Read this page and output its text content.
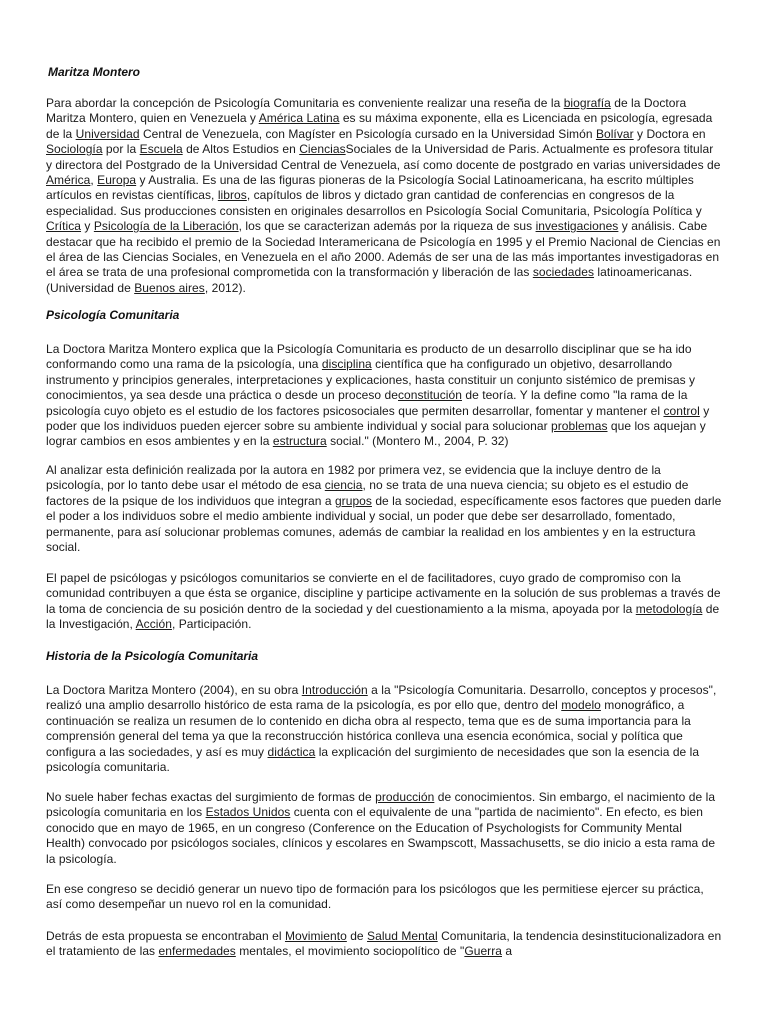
Maritza Montero

Para abordar la concepción de Psicología Comunitaria es conveniente realizar una reseña de la biografía de la Doctora Maritza Montero, quien en Venezuela y América Latina es su máxima exponente, ella es Licenciada en psicología, egresada de la Universidad Central de Venezuela, con Magíster en Psicología cursado en la Universidad Simón Bolívar y Doctora en Sociología por la Escuela de Altos Estudios en CienciasSociales de la Universidad de Paris. Actualmente es profesora titular y directora del Postgrado de la Universidad Central de Venezuela, así como docente de postgrado en varias universidades de América, Europa y Australia. Es una de las figuras pioneras de la Psicología Social Latinoamericana, ha escrito múltiples artículos en revistas científicas, libros, capítulos de libros y dictado gran cantidad de conferencias en congresos de la especialidad. Sus producciones consisten en originales desarrollos en Psicología Social Comunitaria, Psicología Política y Crítica y Psicología de la Liberación, los que se caracterizan además por la riqueza de sus investigaciones y análisis. Cabe destacar que ha recibido el premio de la Sociedad Interamericana de Psicología en 1995 y el Premio Nacional de Ciencias en el área de las Ciencias Sociales, en Venezuela en el año 2000. Además de ser una de las más importantes investigadoras en el área se trata de una profesional comprometida con la transformación y liberación de las sociedades latinoamericanas. (Universidad de Buenos aires, 2012).

Psicología Comunitaria

La Doctora Maritza Montero explica que la Psicología Comunitaria es producto de un desarrollo disciplinar que se ha ido conformando como una rama de la psicología, una disciplina científica que ha configurado un objetivo, desarrollando instrumento y principios generales, interpretaciones y explicaciones, hasta constituir un conjunto sistémico de premisas y conocimientos, ya sea desde una práctica o desde un proceso deconstitución de teoría. Y la define como "la rama de la psicología cuyo objeto es el estudio de los factores psicosociales que permiten desarrollar, fomentar y mantener el control y poder que los individuos pueden ejercer sobre su ambiente individual y social para solucionar problemas que los aquejan y lograr cambios en esos ambientes y en la estructura social." (Montero M., 2004, P. 32)

Al analizar esta definición realizada por la autora en 1982 por primera vez, se evidencia que la incluye dentro de la psicología, por lo tanto debe usar el método de esa ciencia, no se trata de una nueva ciencia; su objeto es el estudio de factores de la psique de los individuos que integran a grupos de la sociedad, específicamente esos factores que pueden darle el poder a los individuos sobre el medio ambiente individual y social, un poder que debe ser desarrollado, fomentado, permanente, para así solucionar problemas comunes, además de cambiar la realidad en los ambientes y en la estructura social.

El papel de psicólogas y psicólogos comunitarios se convierte en el de facilitadores, cuyo grado de compromiso con la comunidad contribuyen a que ésta se organice, discipline y participe activamente en la solución de sus problemas a través de la toma de conciencia de su posición dentro de la sociedad y del cuestionamiento a la misma, apoyada por la metodología de la Investigación, Acción, Participación.

Historia de la Psicología Comunitaria

La Doctora Maritza Montero (2004), en su obra Introducción a la "Psicología Comunitaria. Desarrollo, conceptos y procesos", realizó una amplio desarrollo histórico de esta rama de la psicología, es por ello que, dentro del modelo monográfico, a continuación se realiza un resumen de lo contenido en dicha obra al respecto, tema que es de suma importancia para la comprensión general del tema ya que la reconstrucción histórica conlleva una esencia económica, social y política que configura a las sociedades, y así es muy didáctica la explicación del surgimiento de necesidades que son la esencia de la psicología comunitaria.

No suele haber fechas exactas del surgimiento de formas de producción de conocimientos. Sin embargo, el nacimiento de la psicología comunitaria en los Estados Unidos cuenta con el equivalente de una "partida de nacimiento". En efecto, es bien conocido que en mayo de 1965, en un congreso (Conference on the Education of Psychologists for Community Mental Health) convocado por psicólogos sociales, clínicos y escolares en Swampscott, Massachusetts, se dio inicio a esta rama de la psicología.

En ese congreso se decidió generar un nuevo tipo de formación para los psicólogos que les permitiese ejercer su práctica, así como desempeñar un nuevo rol en la comunidad.

Detrás de esta propuesta se encontraban el Movimiento de Salud Mental Comunitaria, la tendencia desinstitucionalizadora en el tratamiento de las enfermedades mentales, el movimiento sociopolítico de "Guerra a
